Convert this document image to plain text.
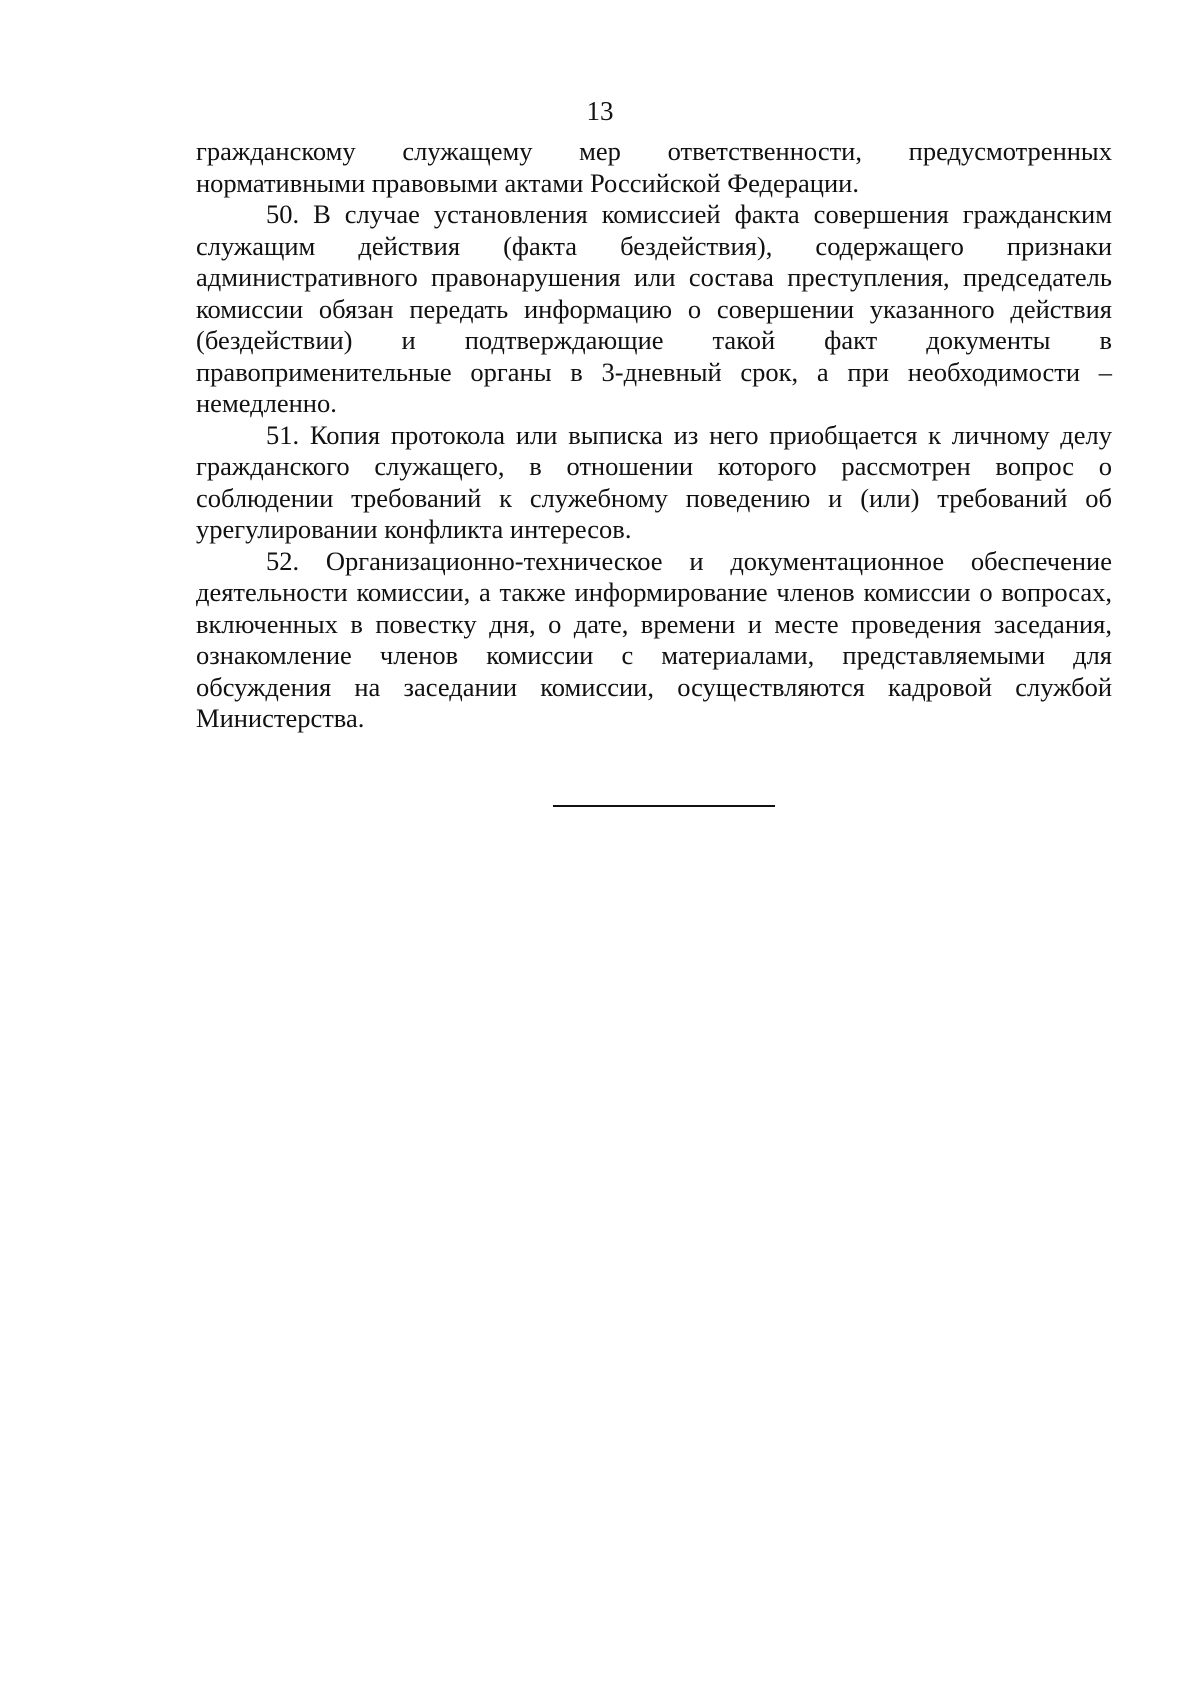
13

гражданскому служащему мер ответственности, предусмотренных нормативными правовыми актами Российской Федерации.

50. В случае установления комиссией факта совершения гражданским служащим действия (факта бездействия), содержащего признаки административного правонарушения или состава преступления, председатель комиссии обязан передать информацию о совершении указанного действия (бездействии) и подтверждающие такой факт документы в правоприменительные органы в 3-дневный срок, а при необходимости – немедленно.

51. Копия протокола или выписка из него приобщается к личному делу гражданского служащего, в отношении которого рассмотрен вопрос о соблюдении требований к служебному поведению и (или) требований об урегулировании конфликта интересов.

52. Организационно-техническое и документационное обеспечение деятельности комиссии, а также информирование членов комиссии о вопросах, включенных в повестку дня, о дате, времени и месте проведения заседания, ознакомление членов комиссии с материалами, представляемыми для обсуждения на заседании комиссии, осуществляются кадровой службой Министерства.
